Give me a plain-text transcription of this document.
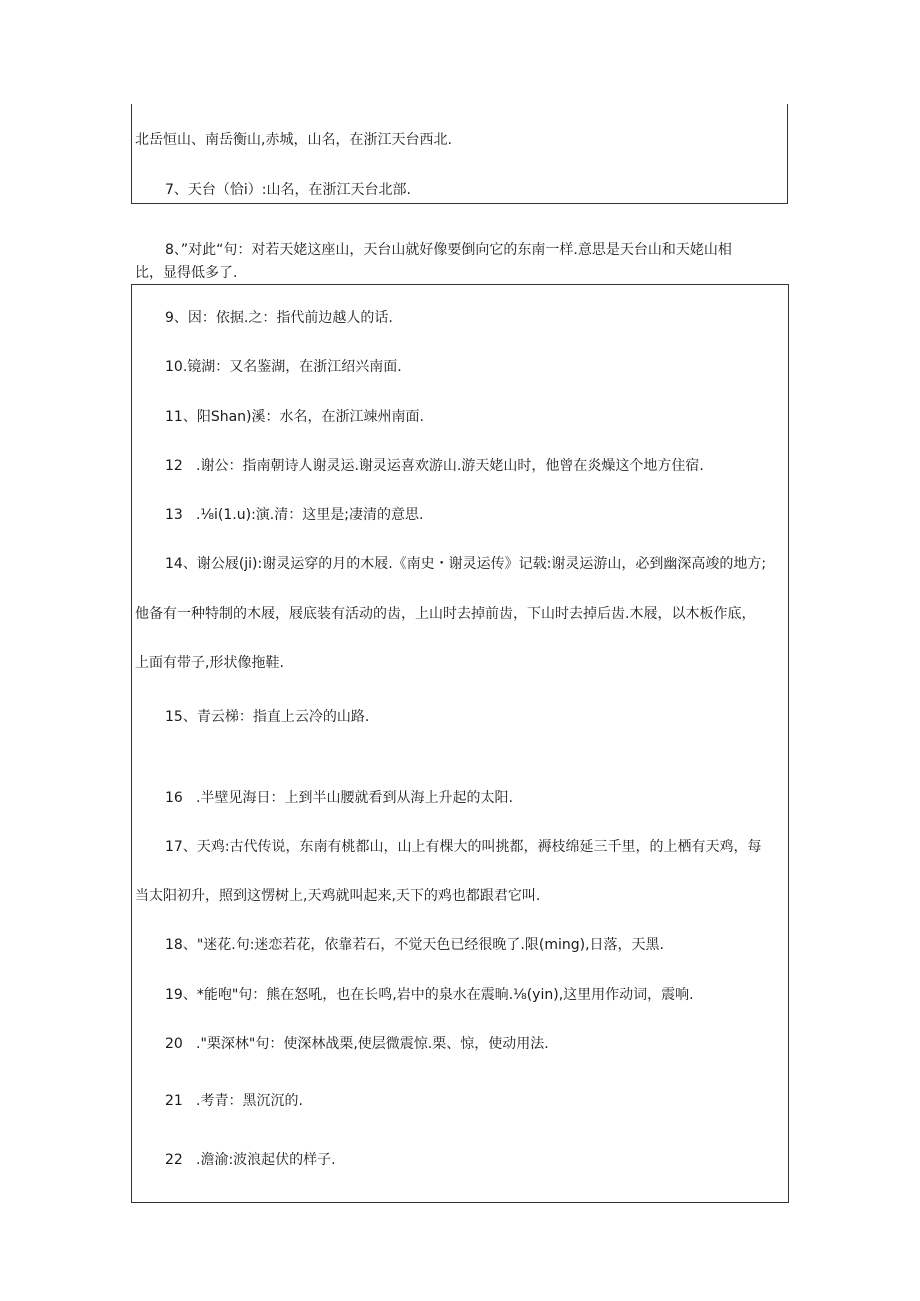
北岳恒山、南岳衡山,赤城，山名，在浙江天台西北.
7、天台（恰i）:山名，在浙江天台北部.
8、”对此“句：对若天姥这座山，天台山就好像要倒向它的东南一样.意思是天台山和天姥山相
比，显得低多了.
9、因：依据.之：指代前边越人的话.
10.镜湖：又名鉴湖，在浙江绍兴南面.
11、阳Shan)溪：水名，在浙江竦州南面.
12 .谢公：指南朝诗人谢灵运.谢灵运喜欢游山.游天姥山时，他曾在炎燥这个地方住宿.
13 .⅛i(1.u):演.清：这里是;凄清的意思.
14、谢公屐(ji):谢灵运穿的月的木屐.《南史・谢灵运传》记载:谢灵运游山，必到幽深高竣的地方;
他备有一种特制的木屐，屐底装有活动的齿，上山时去掉前齿，下山时去掉后齿.木屐，以木板作底，
上面有带子,形状像拖鞋.
15、青云梯：指直上云冷的山路.
16 .半壁见海日：上到半山腰就看到从海上升起的太阳.
17、天鸡:古代传说，东南有桃都山，山上有棵大的叫挑都，褥枝绵延三千里，的上栖有天鸡，每
当太阳初升，照到这愣树上,天鸡就叫起来,天下的鸡也都跟君它叫.
18、"迷花.句:迷恋若花，依靠若石，不觉天色已经很晚了.限(ming),日落，天黑.
19、*能咆"句：熊在怒吼，也在长鸣,岩中的泉水在震晌.⅛(yin),这里用作动词，震响.
20 ."栗深林"句：使深林战栗,使层微震惊.栗、惊，使动用法.
21 .考青：黑沉沉的.
22 .澹渝:波浪起伏的样子.
